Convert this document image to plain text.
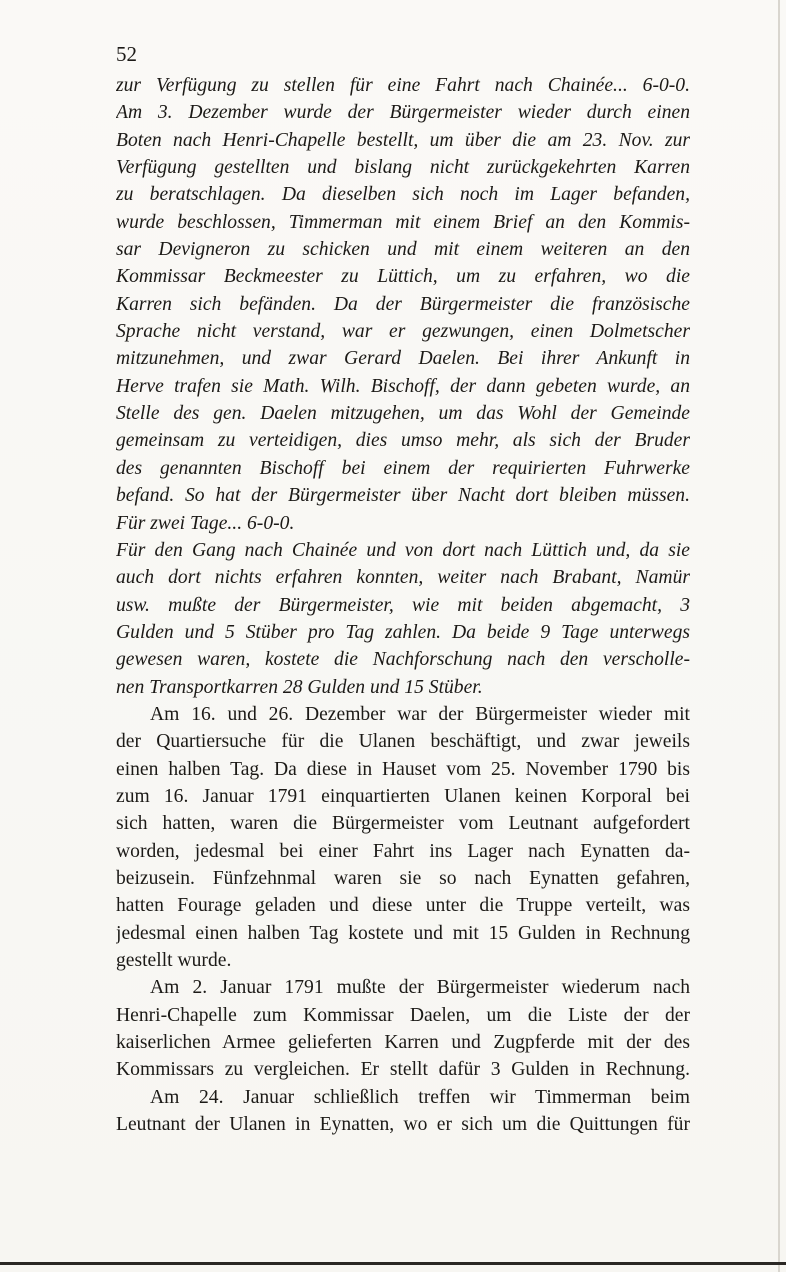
52
zur Verfügung zu stellen für eine Fahrt nach Chainée... 6-0-0.
Am 3. Dezember wurde der Bürgermeister wieder durch einen
Boten nach Henri-Chapelle bestellt, um über die am 23. Nov. zur
Verfügung gestellten und bislang nicht zurückgekehrten Karren
zu beratschlagen. Da dieselben sich noch im Lager befanden,
wurde beschlossen, Timmerman mit einem Brief an den Kommis-
sar Devigneron zu schicken und mit einem weiteren an den
Kommissar Beckmeester zu Lüttich, um zu erfahren, wo die
Karren sich befänden. Da der Bürgermeister die französische
Sprache nicht verstand, war er gezwungen, einen Dolmetscher
mitzunehmen, und zwar Gerard Daelen. Bei ihrer Ankunft in
Herve trafen sie Math. Wilh. Bischoff, der dann gebeten wurde, an
Stelle des gen. Daelen mitzugehen, um das Wohl der Gemeinde
gemeinsam zu verteidigen, dies umso mehr, als sich der Bruder
des genannten Bischoff bei einem der requirierten Fuhrwerke
befand. So hat der Bürgermeister über Nacht dort bleiben müssen.
Für zwei Tage... 6-0-0.
Für den Gang nach Chainée und von dort nach Lüttich und, da sie
auch dort nichts erfahren konnten, weiter nach Brabant, Namür
usw. mußte der Bürgermeister, wie mit beiden abgemacht, 3
Gulden und 5 Stüber pro Tag zahlen. Da beide 9 Tage unterwegs
gewesen waren, kostete die Nachforschung nach den verscholle-
nen Transportkarren 28 Gulden und 15 Stüber.
Am 16. und 26. Dezember war der Bürgermeister wieder mit
der Quartiersuche für die Ulanen beschäftigt, und zwar jeweils
einen halben Tag. Da diese in Hauset vom 25. November 1790 bis
zum 16. Januar 1791 einquartierten Ulanen keinen Korporal bei
sich hatten, waren die Bürgermeister vom Leutnant aufgefordert
worden, jedesmal bei einer Fahrt ins Lager nach Eynatten da-
beizusein. Fünfzehnmal waren sie so nach Eynatten gefahren,
hatten Fourage geladen und diese unter die Truppe verteilt, was
jedesmal einen halben Tag kostete und mit 15 Gulden in Rechnung
gestellt wurde.
Am 2. Januar 1791 mußte der Bürgermeister wiederum nach
Henri-Chapelle zum Kommissar Daelen, um die Liste der der
kaiserlichen Armee gelieferten Karren und Zugpferde mit der des
Kommissars zu vergleichen. Er stellt dafür 3 Gulden in Rechnung.
Am 24. Januar schließlich treffen wir Timmerman beim
Leutnant der Ulanen in Eynatten, wo er sich um die Quittungen für
